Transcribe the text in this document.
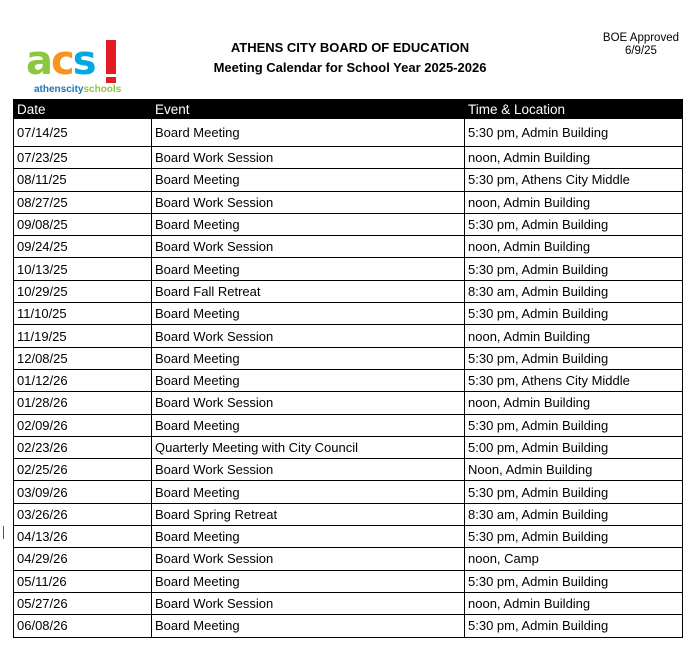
acs
athenscityschools
ATHENS CITY BOARD OF EDUCATION
Meeting Calendar for School Year 2025-2026
BOE Approved
6/9/25
Date	Event	Time & Location
07/14/25	Board Meeting	5:30 pm, Admin Building
07/23/25	Board Work Session	noon, Admin Building
08/11/25	Board Meeting	5:30 pm, Athens City Middle
08/27/25	Board Work Session	noon, Admin Building
09/08/25	Board Meeting	5:30 pm, Admin Building
09/24/25	Board Work Session	noon, Admin Building
10/13/25	Board Meeting	5:30 pm, Admin Building
10/29/25	Board Fall Retreat	8:30 am, Admin Building
11/10/25	Board Meeting	5:30 pm, Admin Building
11/19/25	Board Work Session	noon, Admin Building
12/08/25	Board Meeting	5:30 pm, Admin Building
01/12/26	Board Meeting	5:30 pm, Athens City Middle
01/28/26	Board Work Session	noon, Admin Building
02/09/26	Board Meeting	5:30 pm, Admin Building
02/23/26	Quarterly Meeting with City Council	5:00 pm, Admin Building
02/25/26	Board Work Session	Noon, Admin Building
03/09/26	Board Meeting	5:30 pm, Admin Building
03/26/26	Board Spring Retreat	8:30 am, Admin Building
04/13/26	Board Meeting	5:30 pm, Admin Building
04/29/26	Board Work Session	noon, Camp
05/11/26	Board Meeting	5:30 pm, Admin Building
05/27/26	Board Work Session	noon, Admin Building
06/08/26	Board Meeting	5:30 pm, Admin Building
